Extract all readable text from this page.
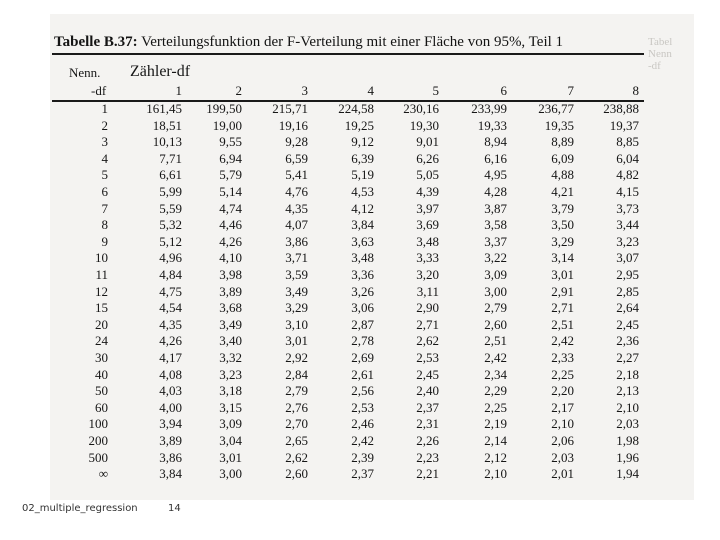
Tabel
Nenn
-df
Tabelle B.37: Verteilungsfunktion der F-Verteilung mit einer Fläche von 95%, Teil 1
Nenn.
-df
Zähler-df
1	2	3	4	5	6	7	8
1	161,45 199,50 215,71 224,58 230,16 233,99 236,77 238,88
2	18,51 19,00	19,16	19,25	19,30	19,33	19,35	19,37
3	10,13	9,55	9,28	9,12	9,01	8,94	8,89	8,85
4	7,71	6,94	6,59	6,39	6,26	6,16	6,09	6,04
5	6,61	5,79	5,41	5,19	5,05	4,95	4,88	4,82
6	5,99	5,14	4,76	4,53	4,39	4,28	4,21	4,15
7	5,59	4,74	4,35	4,12	3,97	3,87	3,79	3,73
8	5,32	4,46	4,07	3,84	3,69	3,58	3,50	3,44
9	5,12	4,26	3,86	3,63	3,48	3,37	3,29	3,23
10	4,96	4,10	3,71	3,48	3,33	3,22	3,14	3,07
11	4,84	3,98	3,59	3,36	3,20	3,09	3,01	2,95
12	4,75	3,89	3,49	3,26	3,11	3,00	2,91	2,85
15	4,54	3,68	3,29	3,06	2,90	2,79	2,71	2,64
20	4,35	3,49	3,10	2,87	2,71	2,60	2,51	2,45
24	4,26	3,40	3,01	2,78	2,62	2,51	2,42	2,36
30	4,17	3,32	2,92	2,69	2,53	2,42	2,33	2,27
40	4,08	3,23	2,84	2,61	2,45	2,34	2,25	2,18
50	4,03	3,18	2,79	2,56	2,40	2,29	2,20	2,13
60	4,00	3,15	2,76	2,53	2,37	2,25	2,17	2,10
100	3,94	3,09	2,70	2,46	2,31	2,19	2,10	2,03
200	3,89	3,04	2,65	2,42	2,26	2,14	2,06	1,98
500	3,86	3,01	2,62	2,39	2,23	2,12	2,03	1,96
∞	3,84	3,00	2,60	2,37	2,21	2,10	2,01	1,94
02_multiple_regression	14
